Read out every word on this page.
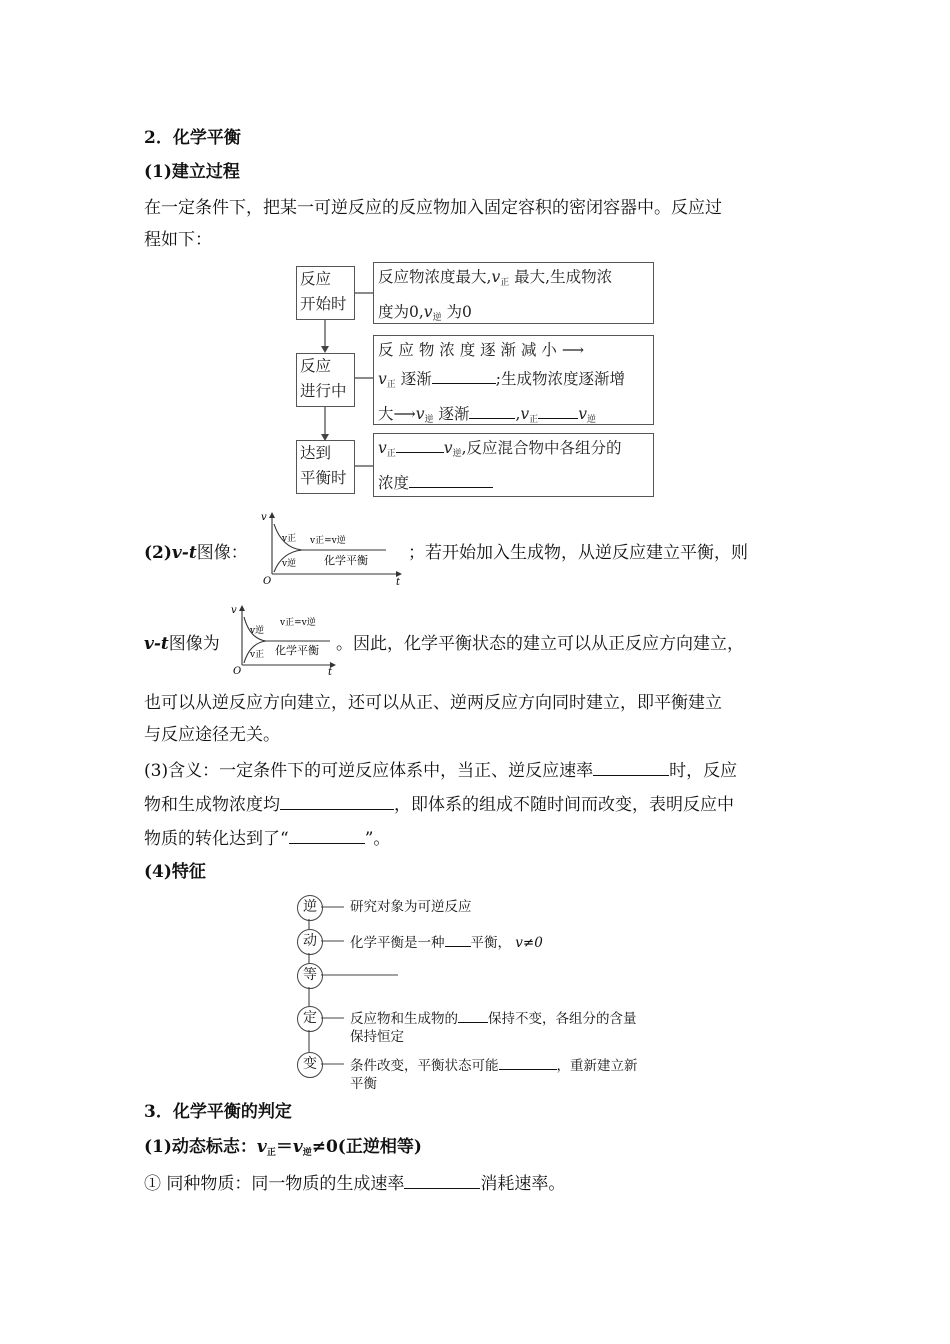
2．化学平衡
(1)建立过程
在一定条件下，把某一可逆反应的反应物加入固定容积的密闭容器中。反应过
程如下：
反应
开始时
反应
进行中
达到
平衡时
反应物浓度最大$,v_正$ 最大,生成物浓
度为$0,v_逆$ 为0
反 应 物 浓 度 逐 渐 减 小 ⟶
$v_正$ 逐渐	;生成物浓度逐渐增
大$⟶v_逆$ 逐渐	$,v_正$	$v_逆$
$v_正$	$v_逆$,反应混合物中各组分的
浓度
(2)v-t图像：
v
t
O
v正=v逆
v正
v逆	化学平衡 ；若开始加入生成物，从逆反应建立平衡，则
v-t图像为
v
t
O
v正=v逆
v逆
v正 化学平衡 。因此，化学平衡状态的建立可以从正反应方向建立，
也可以从逆反应方向建立，还可以从正、逆两反应方向同时建立，即平衡建立
与反应途径无关。
(3)含义：一定条件下的可逆反应体系中，当正、逆反应速率	时，反应
物和生成物浓度均	，即体系的组成不随时间而改变，表明反应中
物质的转化达到了“	”。
(4)特征
逆
动
等
定
变
研究对象为可逆反应
化学平衡是一种 平衡， v≠0
反应物和生成物的 保持不变，各组分的含量
保持恒定
条件改变，平衡状态可能	，重新建立新
平衡
3．化学平衡的判定
(1)动态标志：$v_正=v_逆\ne 0$(正逆相等)
① 同种物质：同一物质的生成速率	消耗速率。
